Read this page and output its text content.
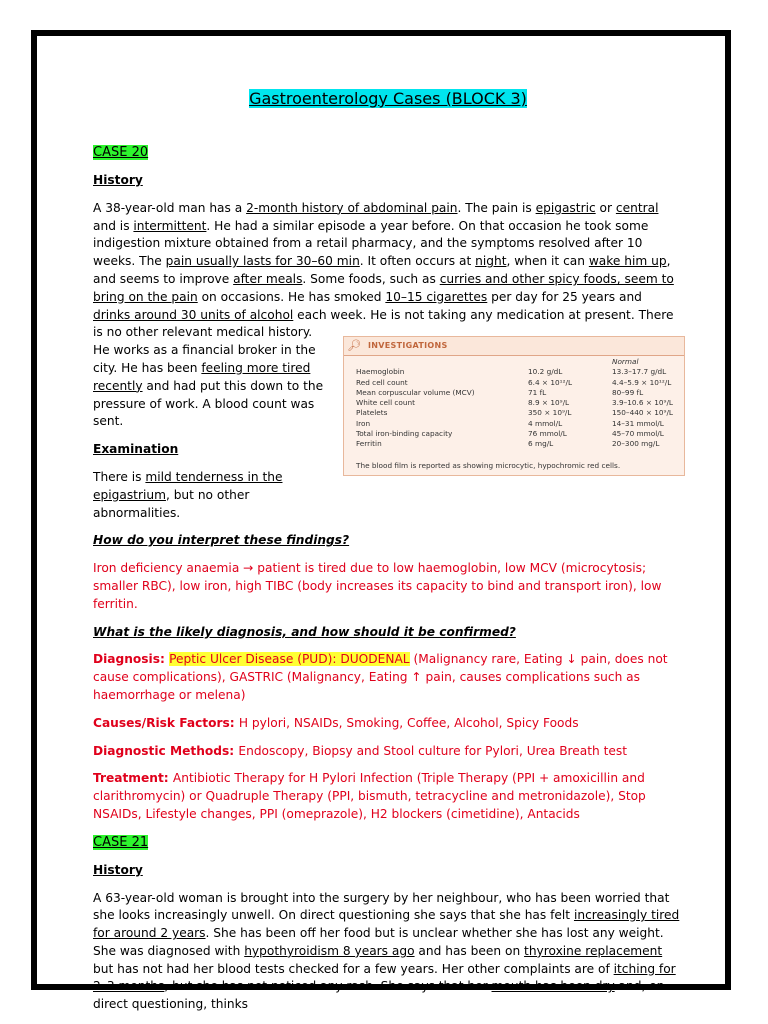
Gastroenterology Cases (BLOCK 3)
CASE 20
History

A 38-year-old man has a 2-month history of abdominal pain. The pain is epigastric or central and is intermittent. He had a similar episode a year before. On that occasion he took some indigestion mixture obtained from a retail pharmacy, and the symptoms resolved after 10 weeks. The pain usually lasts for 30–60 min. It often occurs at night, when it can wake him up, and seems to improve after meals. Some foods, such as curries and other spicy foods, seem to bring on the pain on occasions. He has smoked 10–15 cigarettes per day for 25 years and drinks around 30 units of alcohol each week. He is not taking any medication at present. There is no other relevant medical history. He works as a financial broker in the city. He has been feeling more tired recently and had put this down to the pressure of work. A blood count was sent.

Examination

There is mild tenderness in the epigastrium, but no other abnormalities.

How do you interpret these findings?

Iron deficiency anaemia → patient is tired due to low haemoglobin, low MCV (microcytosis; smaller RBC), low iron, high TIBC (body increases its capacity to bind and transport iron), low ferritin.

What is the likely diagnosis, and how should it be confirmed?

Diagnosis: Peptic Ulcer Disease (PUD): DUODENAL (Malignancy rare, Eating ↓ pain, does not cause complications), GASTRIC (Malignancy, Eating ↑ pain, causes complications such as haemorrhage or melena)

Causes/Risk Factors: H pylori, NSAIDs, Smoking, Coffee, Alcohol, Spicy Foods

Diagnostic Methods: Endoscopy, Biopsy and Stool culture for Pylori, Urea Breath test

Treatment: Antibiotic Therapy for H Pylori Infection (Triple Therapy (PPI + amoxicillin and clarithromycin) or Quadruple Therapy (PPI, bismuth, tetracycline and metronidazole), Stop NSAIDs, Lifestyle changes, PPI (omeprazole), H2 blockers (cimetidine), Antacids

CASE 21
History

A 63-year-old woman is brought into the surgery by her neighbour, who has been worried that she looks increasingly unwell. On direct questioning she says that she has felt increasingly tired for around 2 years. She has been off her food but is unclear whether she has lost any weight. She was diagnosed with hypothyroidism 8 years ago and has been on thyroxine replacement but has not had her blood tests checked for a few years. Her other complaints are of itching for 2–3 months, but she has not noticed any rash. She says that her mouth has been dry and, on direct questioning, thinks

🔎︎ INVESTIGATIONS
		Normal
Haemoglobin	10.2 g/dL	13.3–17.7 g/dL
Red cell count	6.4 × 10¹²/L	4.4–5.9 × 10¹²/L
Mean corpuscular volume (MCV)	71 fL	80–99 fL
White cell count	8.9 × 10⁹/L	3.9–10.6 × 10⁹/L
Platelets	350 × 10⁹/L	150–440 × 10⁹/L
Iron	4 mmol/L	14–31 mmol/L
Total iron-binding capacity	76 mmol/L	45–70 mmol/L
Ferritin	6 mg/L	20–300 mg/L
The blood film is reported as showing microcytic, hypochromic red cells.
